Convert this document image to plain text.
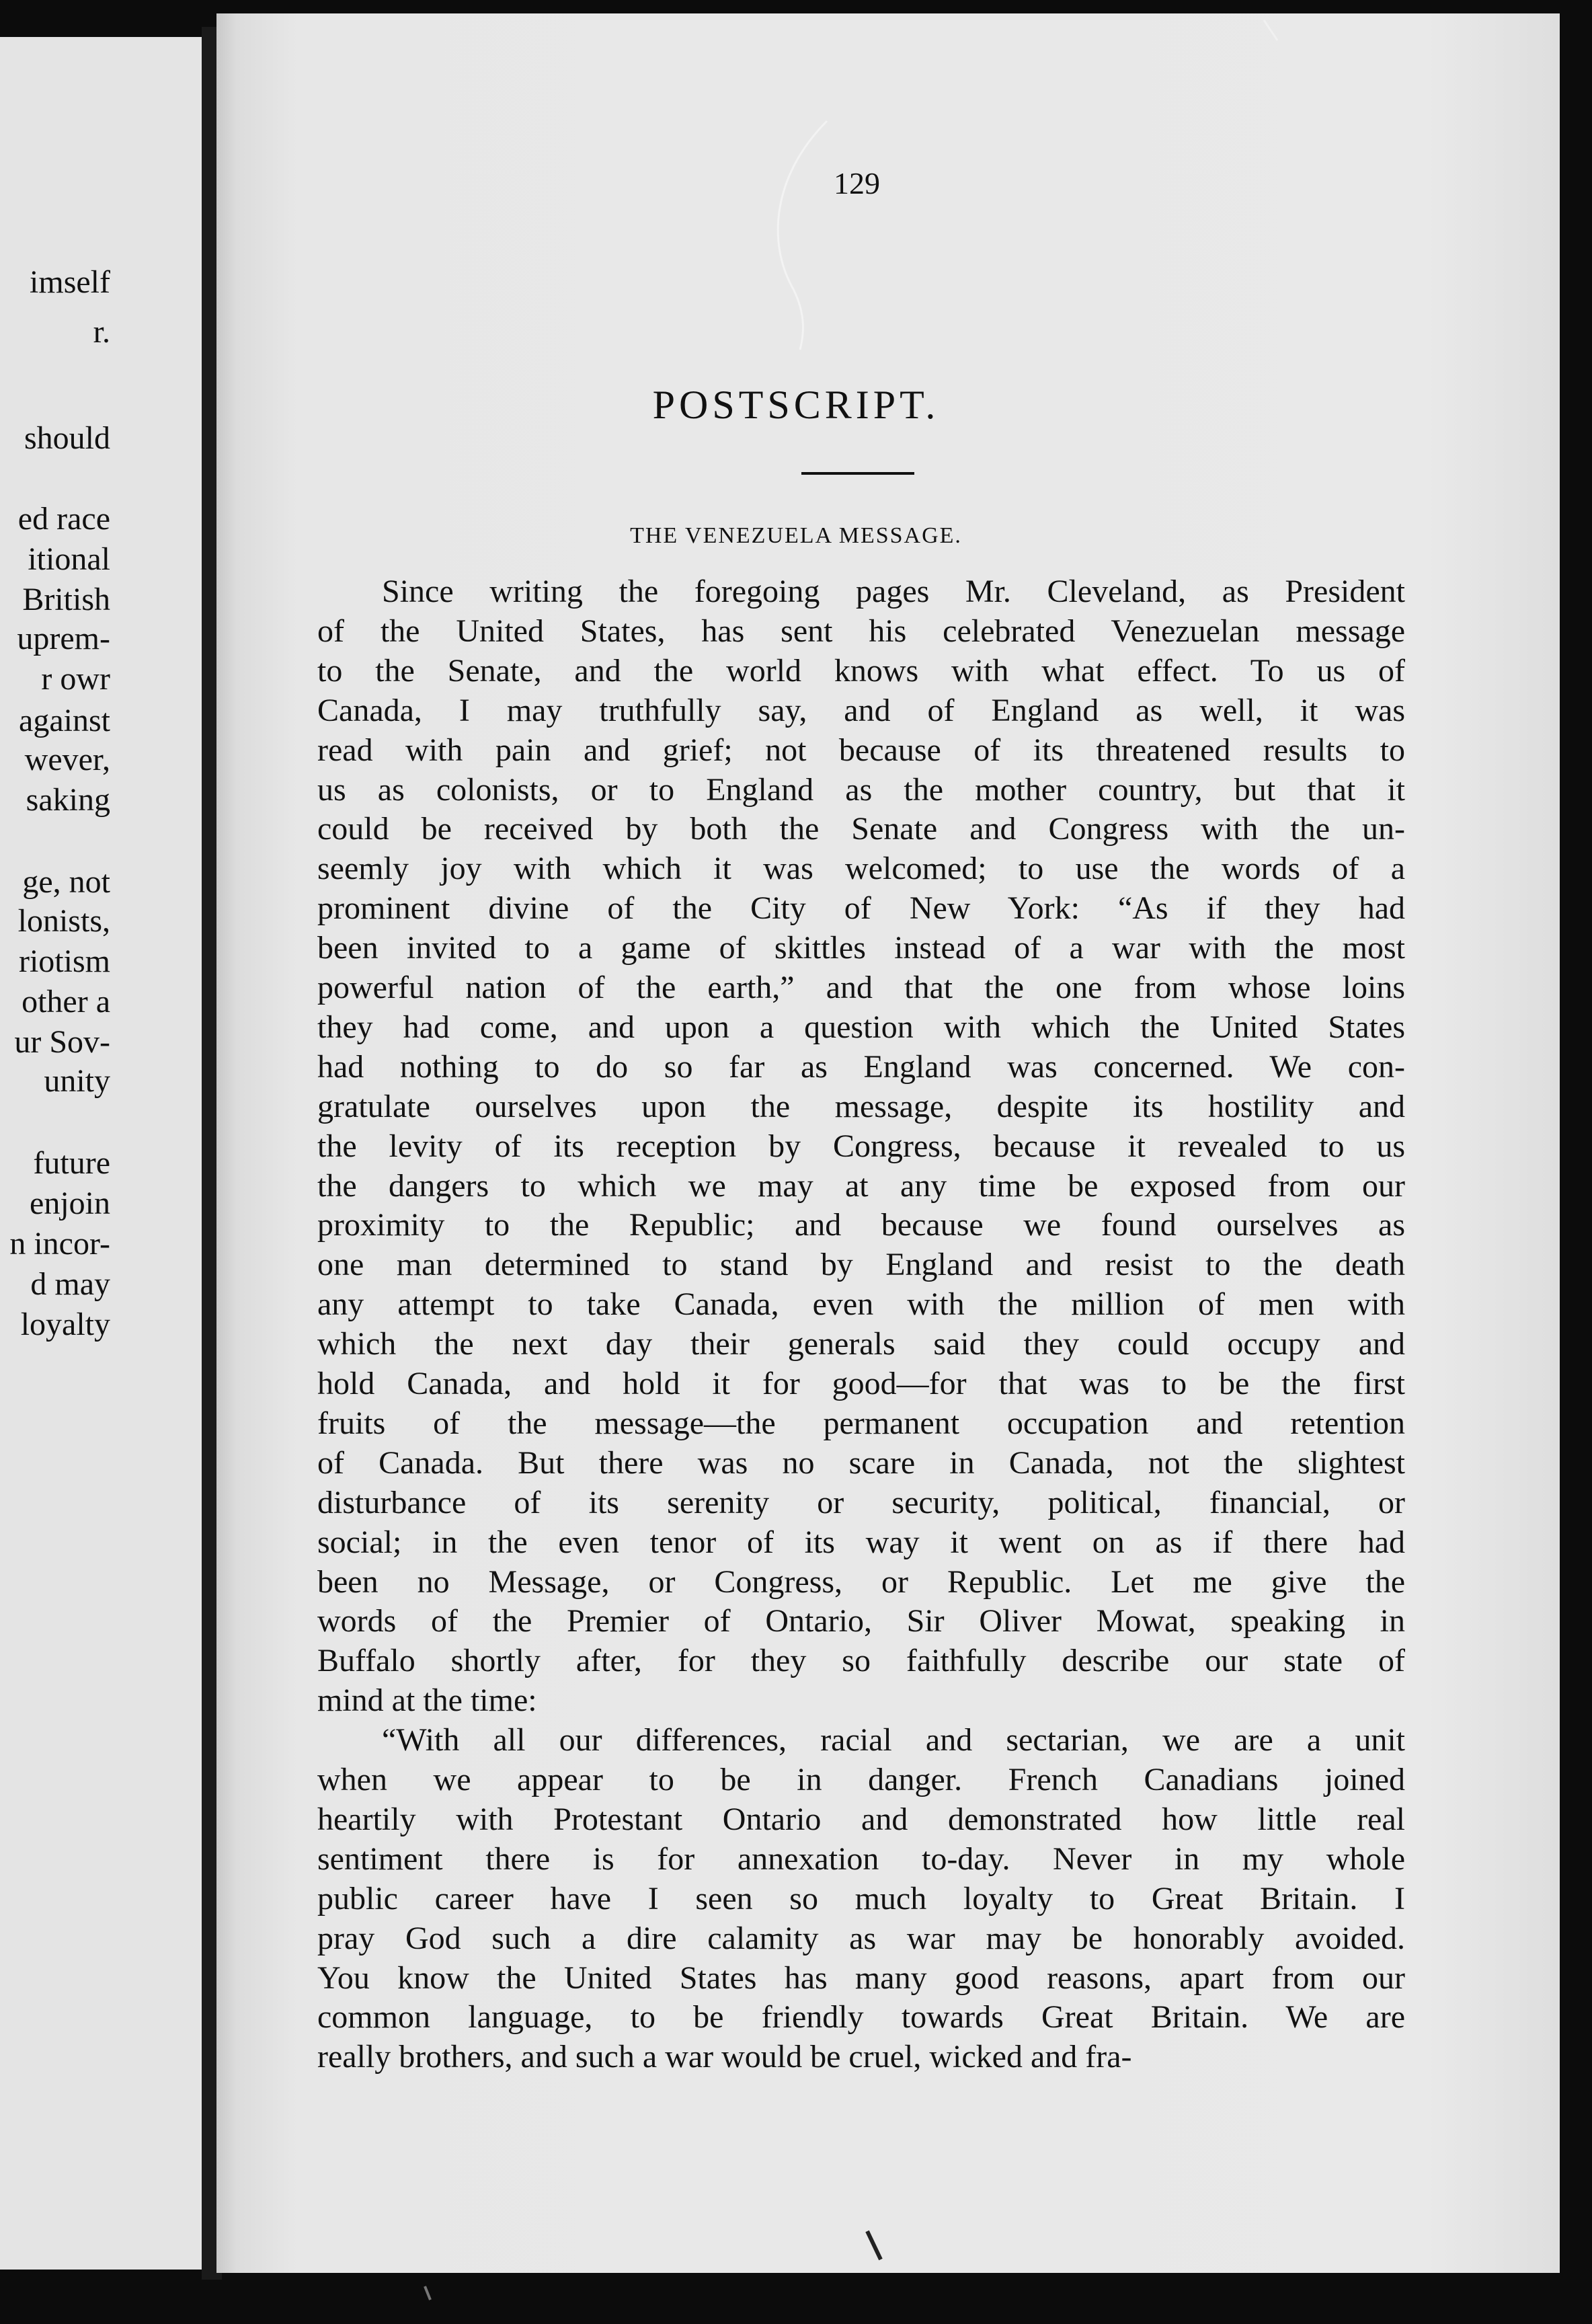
imself
r.
should
ed race
itional
British
uprem-
r owr
against
wever,
saking
ge, not
lonists,
riotism
other a
ur Sov-
unity
future
enjoin
n incor-
d may
loyalty
129
POSTSCRIPT.
THE VENEZUELA MESSAGE.
Since writing the foregoing pages Mr. Cleveland, as President
of the United States, has sent his celebrated Venezuelan message
to the Senate, and the world knows with what effect. To us of
Canada, I may truthfully say, and of England as well, it was
read with pain and grief; not because of its threatened results to
us as colonists, or to England as the mother country, but that it
could be received by both the Senate and Congress with the un-
seemly joy with which it was welcomed; to use the words of a
prominent divine of the City of New York: “As if they had
been invited to a game of skittles instead of a war with the most
powerful nation of the earth,” and that the one from whose loins
they had come, and upon a question with which the United States
had nothing to do so far as England was concerned. We con-
gratulate ourselves upon the message, despite its hostility and
the levity of its reception by Congress, because it revealed to us
the dangers to which we may at any time be exposed from our
proximity to the Republic; and because we found ourselves as
one man determined to stand by England and resist to the death
any attempt to take Canada, even with the million of men with
which the next day their generals said they could occupy and
hold Canada, and hold it for good—for that was to be the first
fruits of the message—the permanent occupation and retention
of Canada. But there was no scare in Canada, not the slightest
disturbance of its serenity or security, political, financial, or
social; in the even tenor of its way it went on as if there had
been no Message, or Congress, or Republic. Let me give the
words of the Premier of Ontario, Sir Oliver Mowat, speaking in
Buffalo shortly after, for they so faithfully describe our state of
mind at the time:
“With all our differences, racial and sectarian, we are a unit
when we appear to be in danger. French Canadians joined
heartily with Protestant Ontario and demonstrated how little real
sentiment there is for annexation to-day. Never in my whole
public career have I seen so much loyalty to Great Britain. I
pray God such a dire calamity as war may be honorably avoided.
You know the United States has many good reasons, apart from our
common language, to be friendly towards Great Britain. We are
really brothers, and such a war would be cruel, wicked and fra-
